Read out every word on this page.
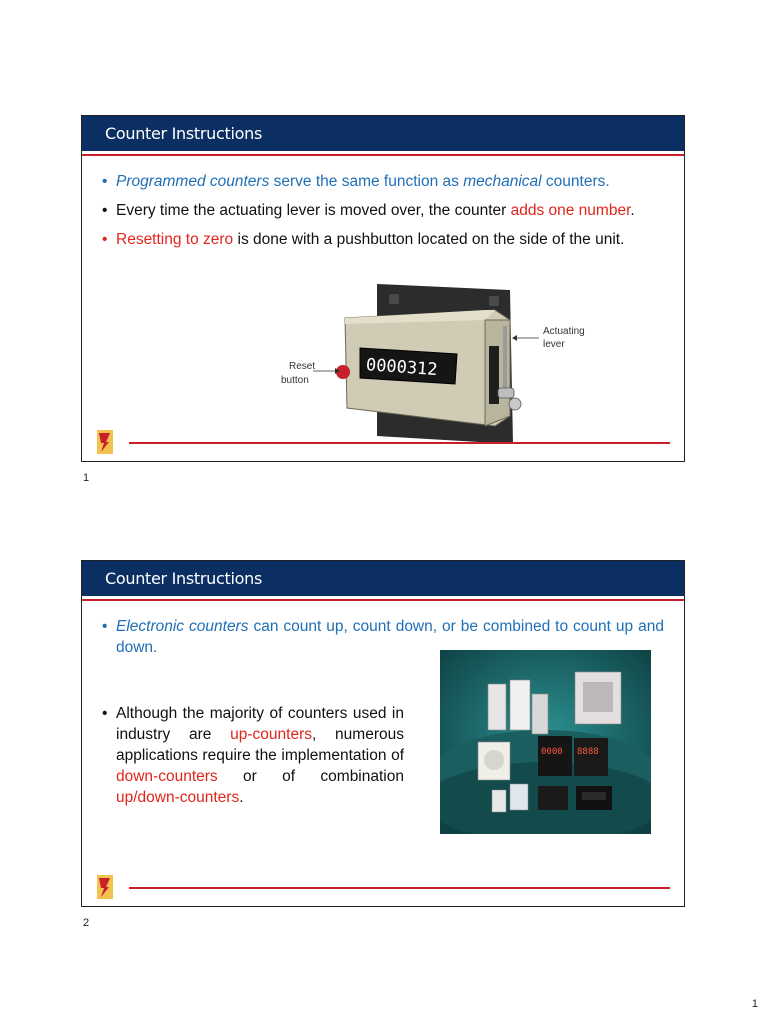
Counter Instructions
• Programmed counters serve the same function as mechanical counters.
• Every time the actuating lever is moved over, the counter adds one number.
• Resetting to zero is done with a pushbutton located on the side of the unit.
0000312
Reset
button
Actuating
lever
1
Counter Instructions
• Electronic counters can count up, count down, or be combined to count up and down.
• Although the majority of counters used in industry are up-counters, numerous applications require the implementation of down-counters or of combination up/down-counters.
0000 8888
2
1
